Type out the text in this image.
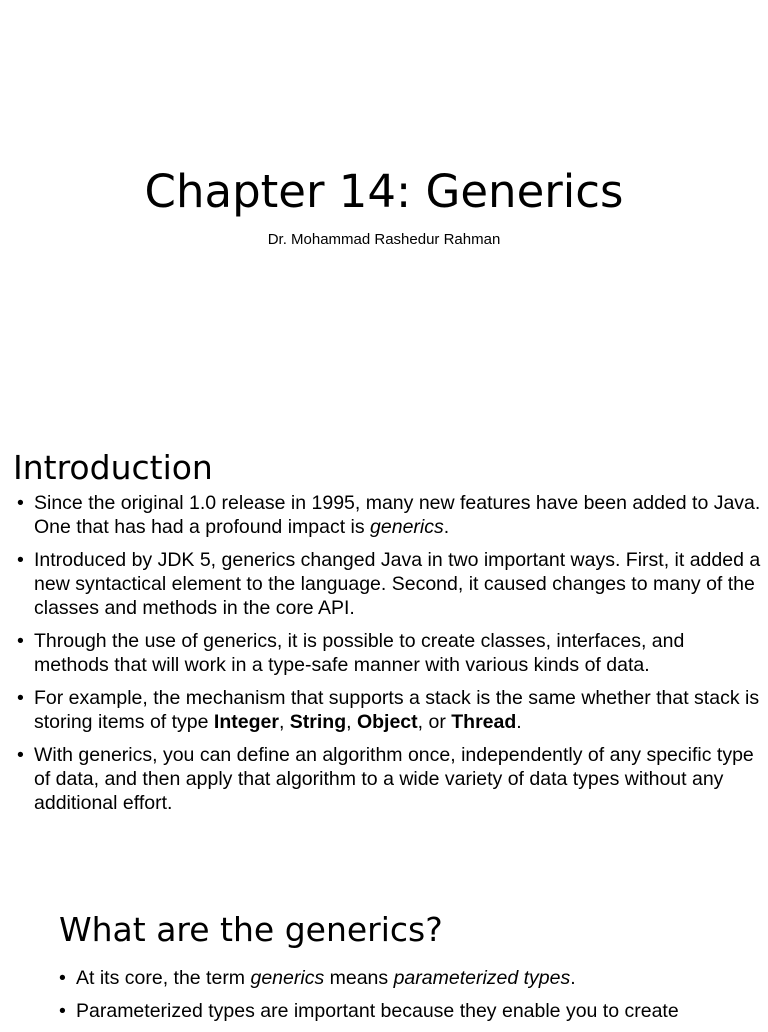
Chapter 14: Generics
Dr. Mohammad Rashedur Rahman
Introduction
• Since the original 1.0 release in 1995, many new features have been added to Java. One that has had a profound impact is generics.
• Introduced by JDK 5, generics changed Java in two important ways. First, it added a new syntactical element to the language. Second, it caused changes to many of the classes and methods in the core API.
• Through the use of generics, it is possible to create classes, interfaces, and methods that will work in a type-safe manner with various kinds of data.
• For example, the mechanism that supports a stack is the same whether that stack is storing items of type Integer, String, Object, or Thread.
• With generics, you can define an algorithm once, independently of any specific type of data, and then apply that algorithm to a wide variety of data types without any additional effort.
What are the generics?
• At its core, the term generics means parameterized types.
• Parameterized types are important because they enable you to create
